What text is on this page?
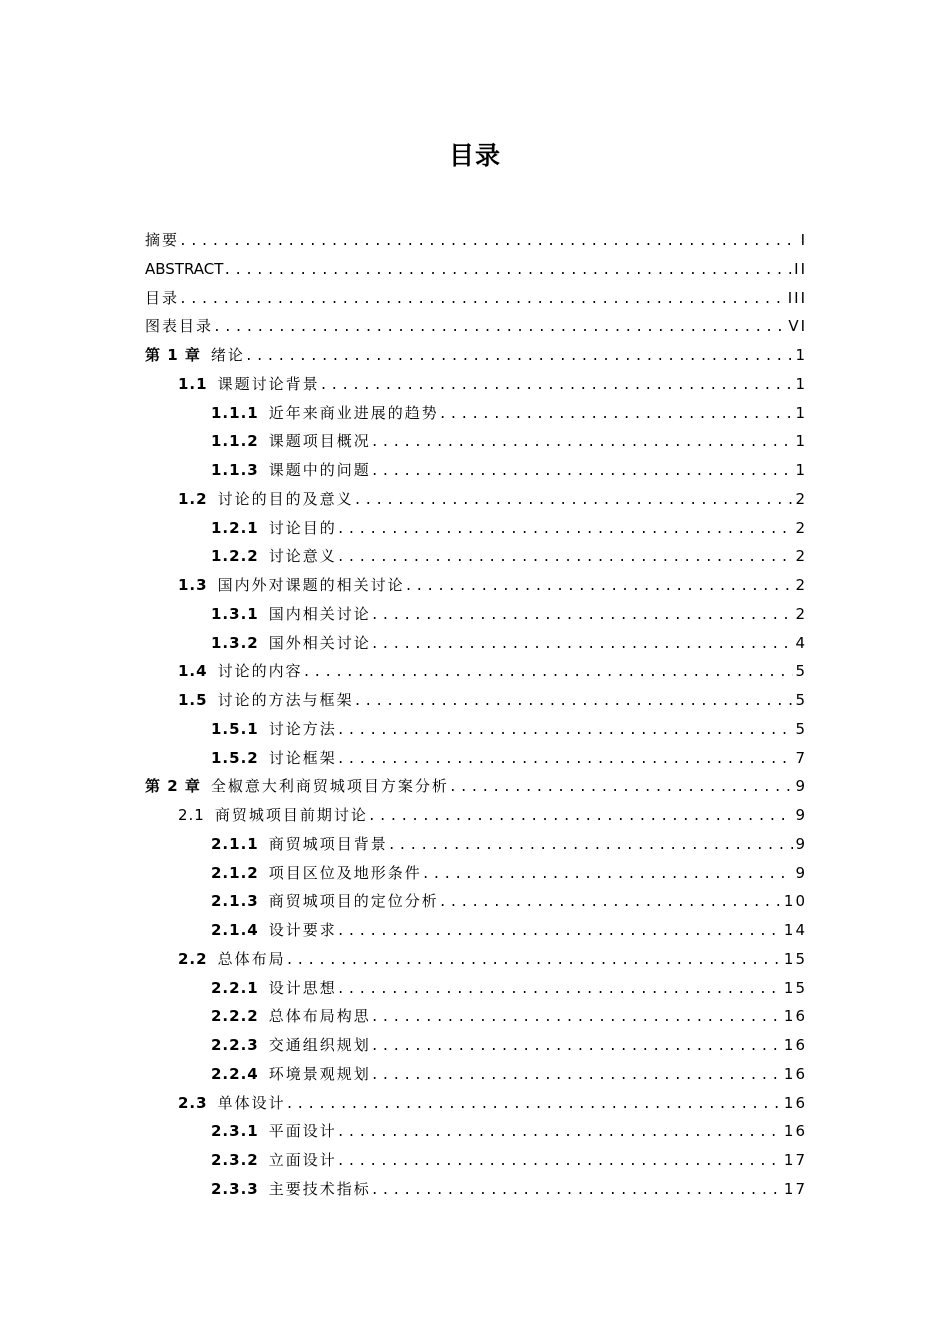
目录
摘要 .....	I
ABSTRACT .....	II
目录 .....	III
图表目录 .....	VI
第 1 章 绪论 .....	1
1.1 课题讨论背景 .....	1
1.1.1 近年来商业进展的趋势 .....	1
1.1.2 课题项目概况 .....	1
1.1.3 课题中的问题 .....	1
1.2 讨论的目的及意义 .....	2
1.2.1 讨论目的 .....	2
1.2.2 讨论意义 .....	2
1.3 国内外对课题的相关讨论 .....	2
1.3.1 国内相关讨论 .....	2
1.3.2 国外相关讨论 .....	4
1.4 讨论的内容 .....	5
1.5 讨论的方法与框架 .....	5
1.5.1 讨论方法 .....	5
1.5.2 讨论框架 .....	7
第 2 章 全椒意大利商贸城项目方案分析 .....	9
2.1 商贸城项目前期讨论 .....	9
2.1.1 商贸城项目背景 .....	9
2.1.2 项目区位及地形条件 .....	9
2.1.3 商贸城项目的定位分析 .....	10
2.1.4 设计要求 .....	14
2.2 总体布局 .....	15
2.2.1 设计思想 .....	15
2.2.2 总体布局构思 .....	16
2.2.3 交通组织规划 .....	16
2.2.4 环境景观规划 .....	16
2.3 单体设计 .....	16
2.3.1 平面设计 .....	16
2.3.2 立面设计 .....	17
2.3.3 主要技术指标 .....	17
